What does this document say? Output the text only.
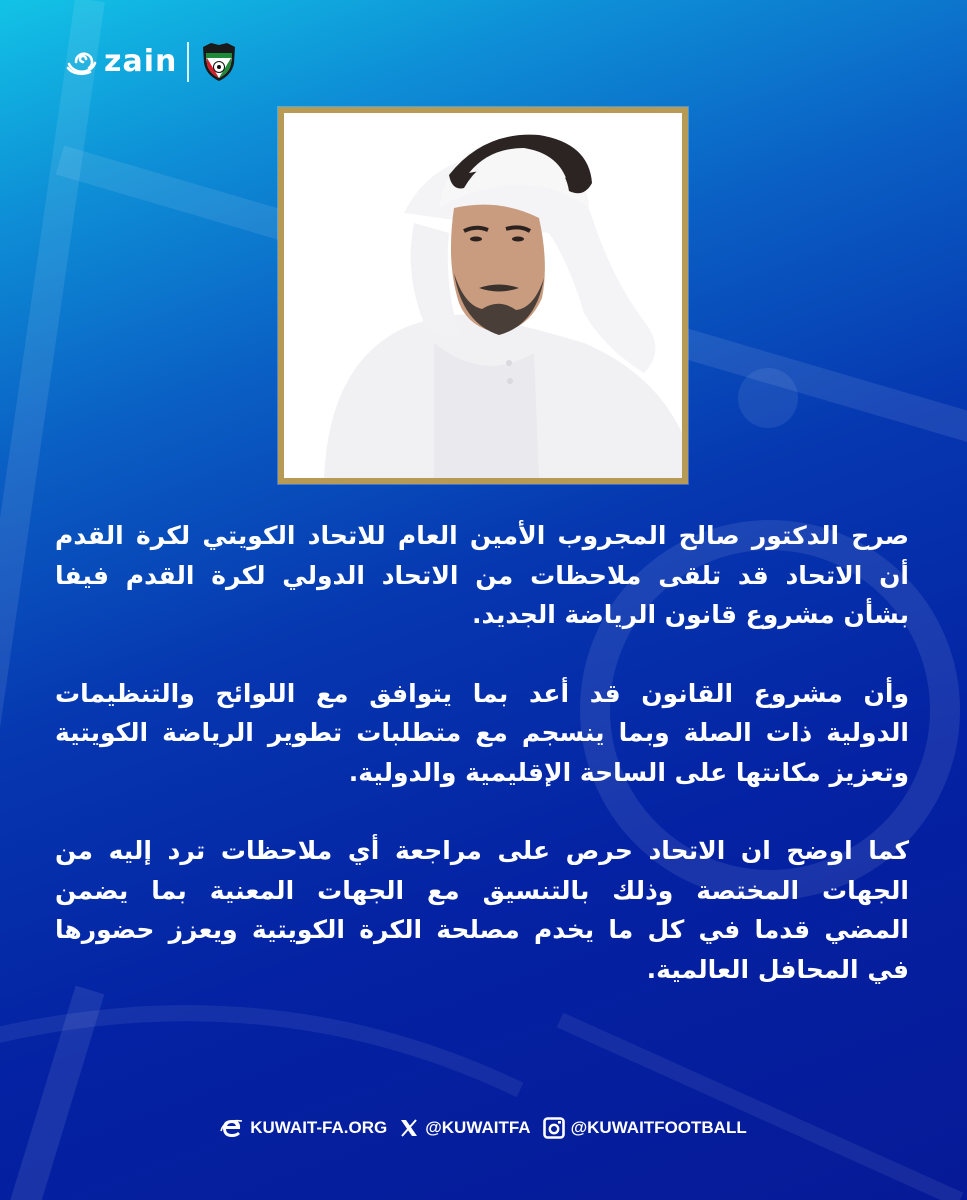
zain

صرح الدكتور صالح المجروب الأمين العام للاتحاد الكويتي لكرة القدم
أن الاتحاد قد تلقى ملاحظات من الاتحاد الدولي لكرة القدم فيفا
بشأن مشروع قانون الرياضة الجديد.

وأن مشروع القانون قد أعد بما يتوافق مع اللوائح والتنظيمات
الدولية ذات الصلة وبما ينسجم مع متطلبات تطوير الرياضة الكويتية
وتعزيز مكانتها على الساحة الإقليمية والدولية.

كما اوضح ان الاتحاد حرص على مراجعة أي ملاحظات ترد إليه من
الجهات المختصة وذلك بالتنسيق مع الجهات المعنية بما يضمن
المضي قدما في كل ما يخدم مصلحة الكرة الكويتية ويعزز حضورها
في المحافل العالمية.

KUWAIT-FA.ORG @KUWAITFA @KUWAITFOOTBALL
